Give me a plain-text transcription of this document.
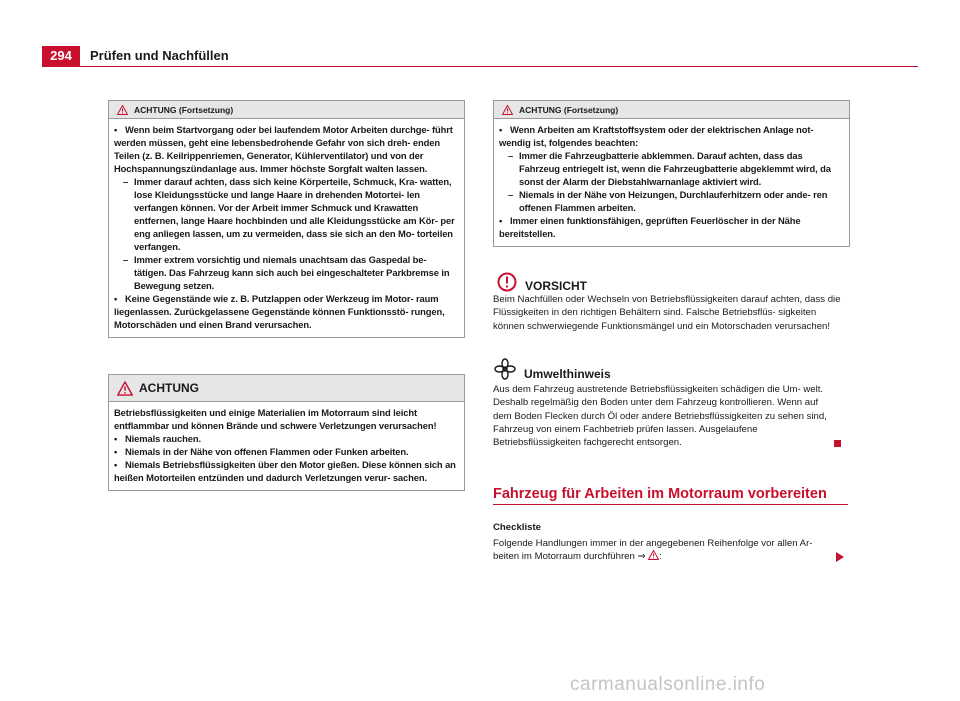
294	Prüfen und Nachfüllen
ACHTUNG (Fortsetzung)

• Wenn beim Startvorgang oder bei laufendem Motor Arbeiten durchge- führt werden müssen, geht eine lebensbedrohende Gefahr von sich dreh- enden Teilen (z. B. Keilrippenriemen, Generator, Kühlerventilator) und von der Hochspannungszündanlage aus. Immer höchste Sorgfalt walten lassen.

– Immer darauf achten, dass sich keine Körperteile, Schmuck, Kra- watten, lose Kleidungsstücke und lange Haare in drehenden Motortei- len verfangen können. Vor der Arbeit immer Schmuck und Krawatten entfernen, lange Haare hochbinden und alle Kleidungsstücke am Kör- per eng anliegen lassen, um zu vermeiden, dass sie sich an den Mo- torteilen verfangen.

– Immer extrem vorsichtig und niemals unachtsam das Gaspedal be- tätigen. Das Fahrzeug kann sich auch bei eingeschalteter Parkbremse in Bewegung setzen.

• Keine Gegenstände wie z. B. Putzlappen oder Werkzeug im Motor- raum liegenlassen. Zurückgelassene Gegenstände können Funktionsstö- rungen, Motorschäden und einen Brand verursachen.

ACHTUNG

Betriebsflüssigkeiten und einige Materialien im Motorraum sind leicht entflammbar und können Brände und schwere Verletzungen verursachen!

• Niemals rauchen.

• Niemals in der Nähe von offenen Flammen oder Funken arbeiten.

• Niemals Betriebsflüssigkeiten über den Motor gießen. Diese können sich an heißen Motorteilen entzünden und dadurch Verletzungen verur- sachen.

ACHTUNG (Fortsetzung)

• Wenn Arbeiten am Kraftstoffsystem oder der elektrischen Anlage not- wendig ist, folgendes beachten:

– Immer die Fahrzeugbatterie abklemmen. Darauf achten, dass das Fahrzeug entriegelt ist, wenn die Fahrzeugbatterie abgeklemmt wird, da sonst der Alarm der Diebstahlwarnanlage aktiviert wird.

– Niemals in der Nähe von Heizungen, Durchlauferhitzern oder ande- ren offenen Flammen arbeiten.

• Immer einen funktionsfähigen, geprüften Feuerlöscher in der Nähe bereitstellen.

VORSICHT
Beim Nachfüllen oder Wechseln von Betriebsflüssigkeiten darauf achten, dass die Flüssigkeiten in den richtigen Behältern sind. Falsche Betriebsflüs- sigkeiten können schwerwiegende Funktionsmängel und ein Motorschaden verursachen!
Umwelthinweis
Aus dem Fahrzeug austretende Betriebsflüssigkeiten schädigen die Um- welt. Deshalb regelmäßig den Boden unter dem Fahrzeug kontrollieren. Wenn auf dem Boden Flecken durch Öl oder andere Betriebsflüssigkeiten zu sehen sind, Fahrzeug von einem Fachbetrieb prüfen lassen. Ausgelaufene Betriebsflüssigkeiten fachgerecht entsorgen.
Fahrzeug für Arbeiten im Motorraum vorbereiten
Checkliste
Folgende Handlungen immer in der angegebenen Reihenfolge vor allen Ar- beiten im Motorraum durchführen ⇒ :
carmanualsonline.info
